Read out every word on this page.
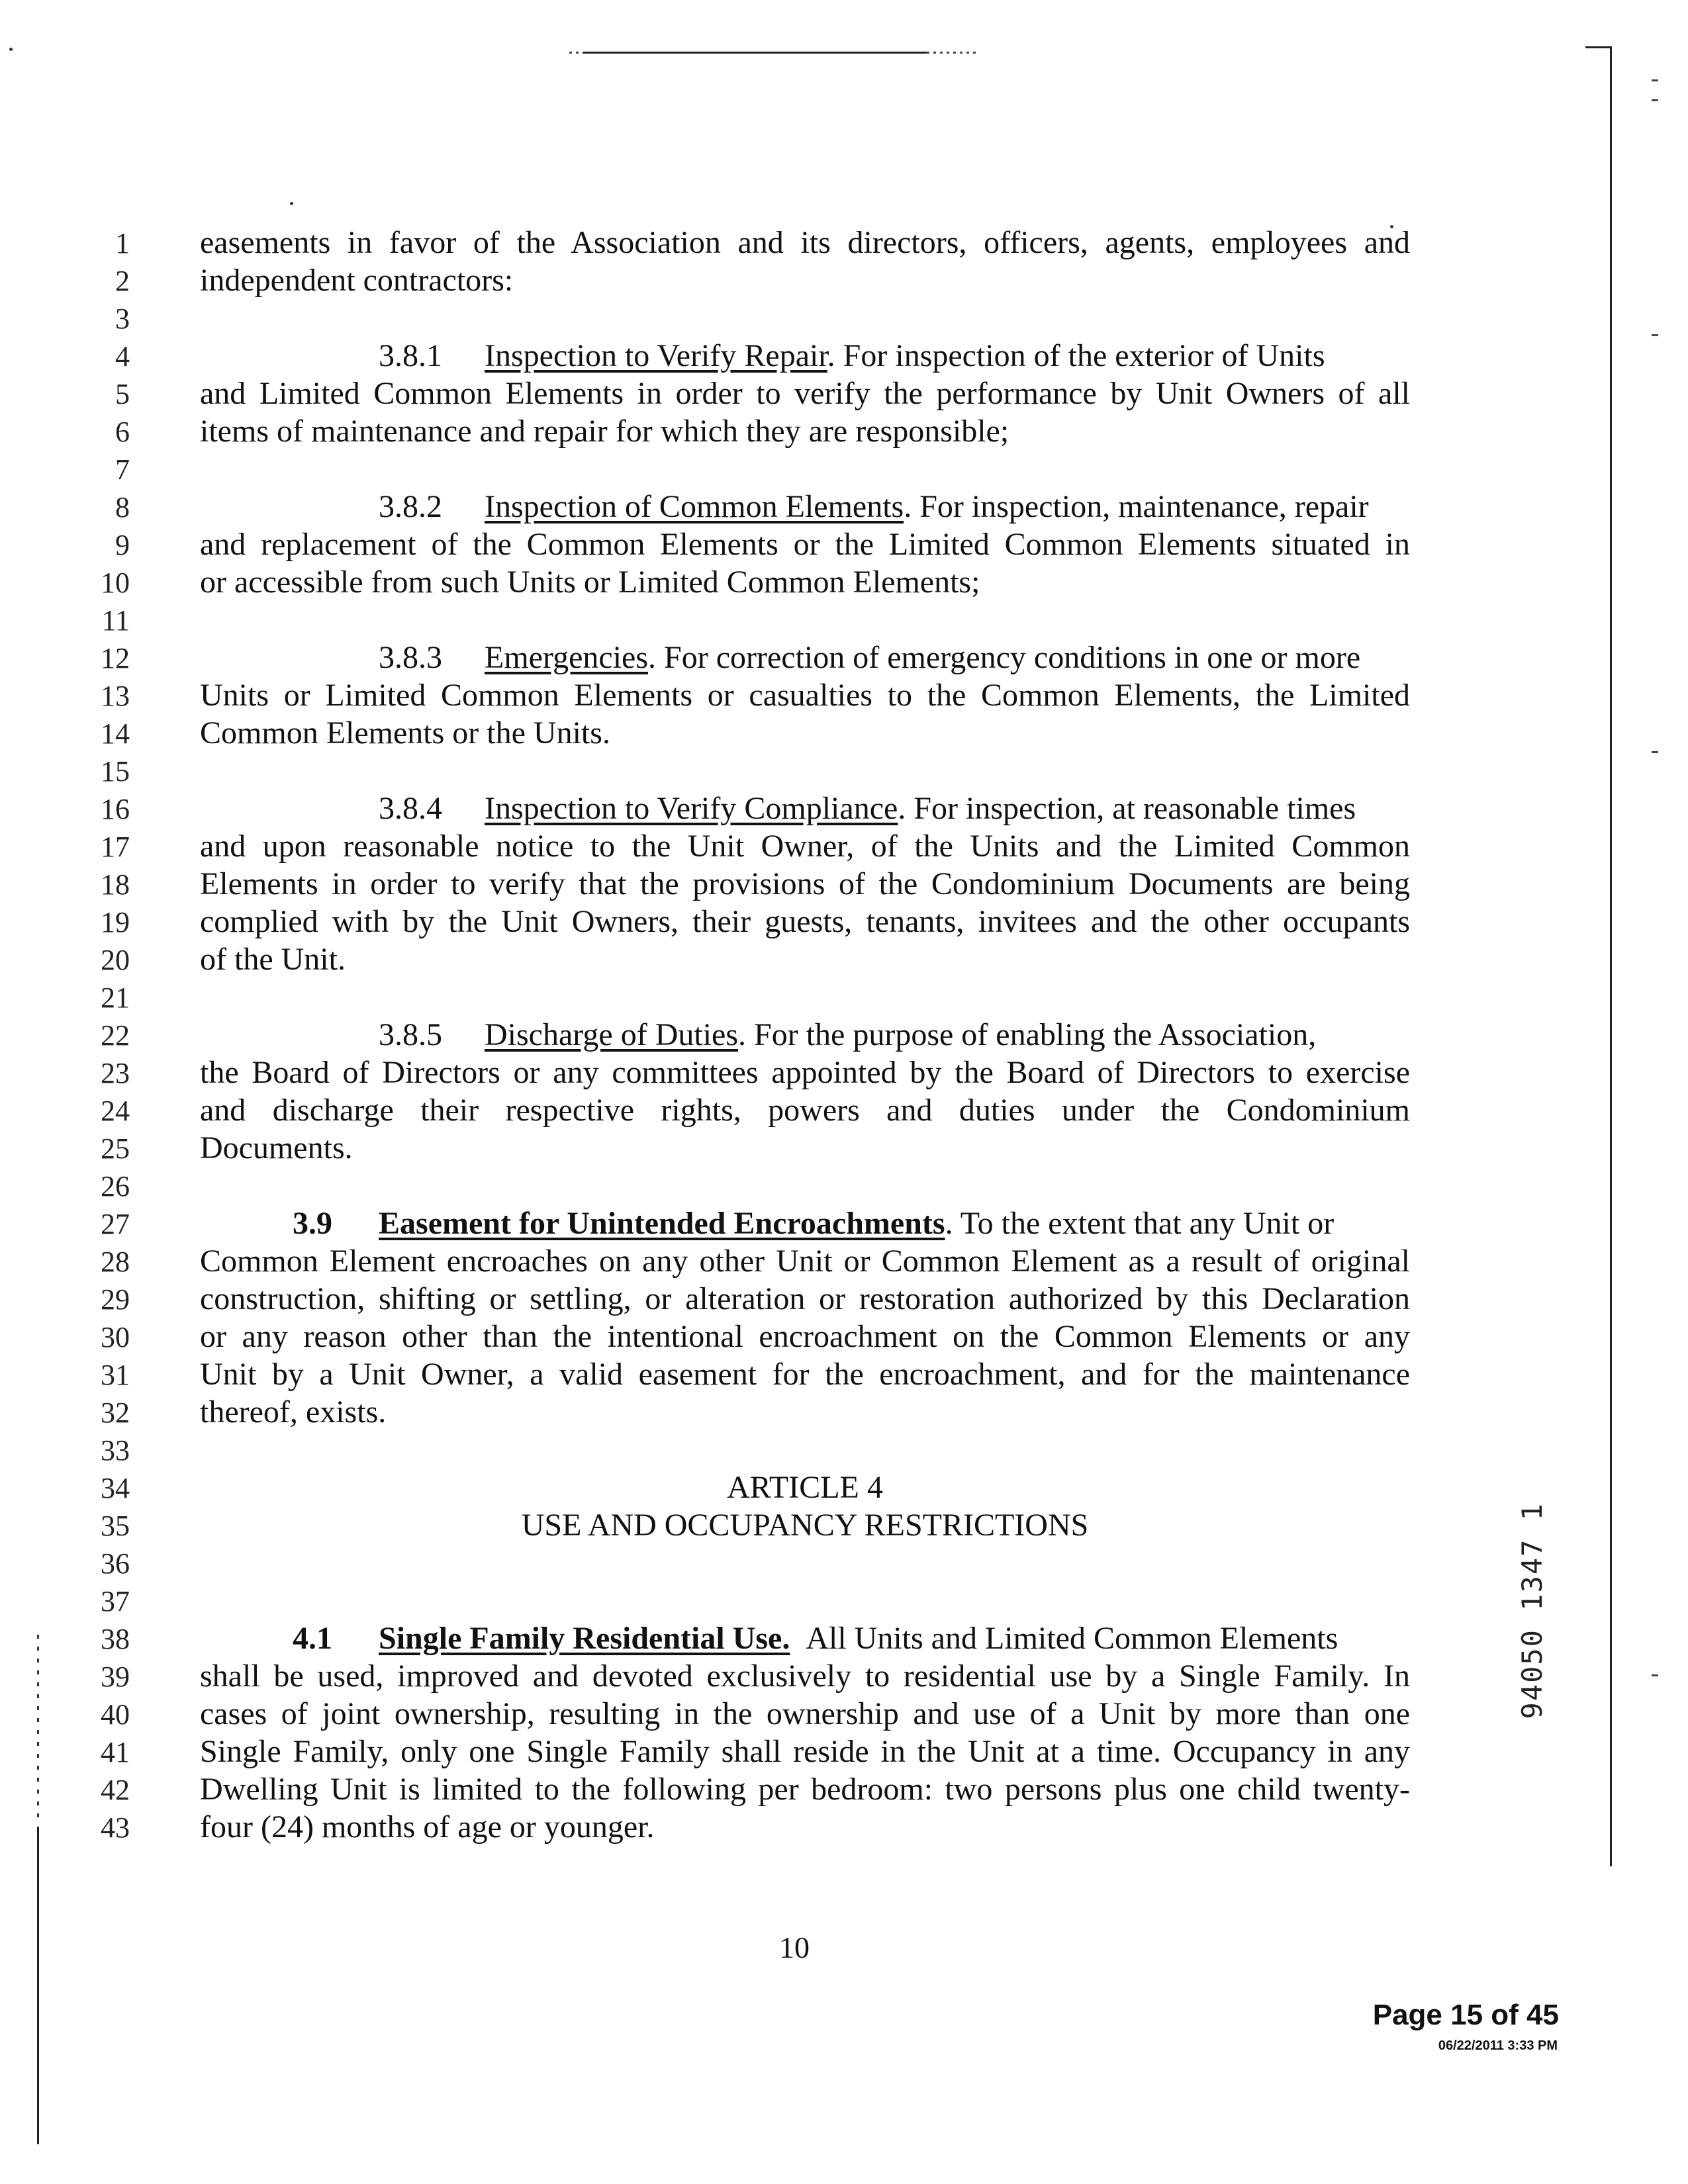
1
2
3
4
5
6
7
8
9
10
11
12
13
14
15
16
17
18
19
20
21
22
23
24
25
26
27
28
29
30
31
32
33
34
35
36
37
38
39
40
41
42
43
easements in favor of the Association and its directors, officers, agents, employees and
independent contractors:
3.8.1 Inspection to Verify Repair. For inspection of the exterior of Units
and Limited Common Elements in order to verify the performance by Unit Owners of all
items of maintenance and repair for which they are responsible;
3.8.2 Inspection of Common Elements. For inspection, maintenance, repair
and replacement of the Common Elements or the Limited Common Elements situated in
or accessible from such Units or Limited Common Elements;
3.8.3 Emergencies. For correction of emergency conditions in one or more
Units or Limited Common Elements or casualties to the Common Elements, the Limited
Common Elements or the Units.
3.8.4 Inspection to Verify Compliance. For inspection, at reasonable times
and upon reasonable notice to the Unit Owner, of the Units and the Limited Common
Elements in order to verify that the provisions of the Condominium Documents are being
complied with by the Unit Owners, their guests, tenants, invitees and the other occupants
of the Unit.
3.8.5 Discharge of Duties. For the purpose of enabling the Association,
the Board of Directors or any committees appointed by the Board of Directors to exercise
and discharge their respective rights, powers and duties under the Condominium
Documents.
3.9 Easement for Unintended Encroachments. To the extent that any Unit or
Common Element encroaches on any other Unit or Common Element as a result of original
construction, shifting or settling, or alteration or restoration authorized by this Declaration
or any reason other than the intentional encroachment on the Common Elements or any
Unit by a Unit Owner, a valid easement for the encroachment, and for the maintenance
thereof, exists.
ARTICLE 4
USE AND OCCUPANCY RESTRICTIONS
4.1 Single Family Residential Use. All Units and Limited Common Elements
shall be used, improved and devoted exclusively to residential use by a Single Family. In
cases of joint ownership, resulting in the ownership and use of a Unit by more than one
Single Family, only one Single Family shall reside in the Unit at a time. Occupancy in any
Dwelling Unit is limited to the following per bedroom: two persons plus one child twenty-
four (24) months of age or younger.
10
Page 15 of 45
06/22/2011 3:33 PM
94050 1347 1
